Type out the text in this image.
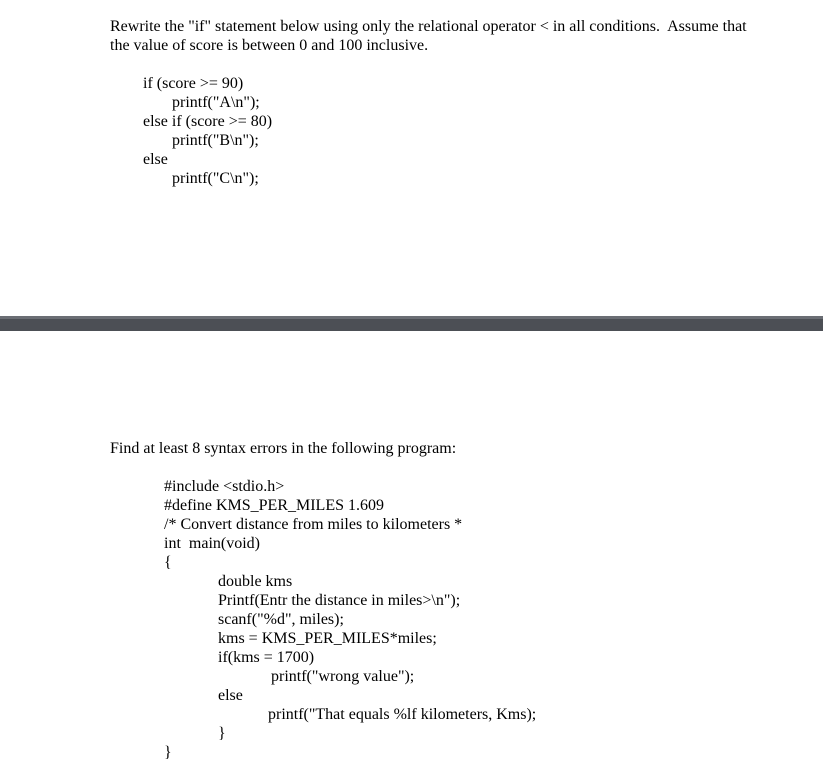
Rewrite the "if" statement below using only the relational operator < in all conditions.  Assume that
the value of score is between 0 and 100 inclusive.
if (score >= 90)
printf("A\n");
else if (score >= 80)
printf("B\n");
else
printf("C\n");
Find at least 8 syntax errors in the following program:
#include <stdio.h>
#define KMS_PER_MILES 1.609
/* Convert distance from miles to kilometers *
int  main(void)
{
double kms
Printf(Entr the distance in miles>\n");
scanf("%d", miles);
kms = KMS_PER_MILES*miles;
if(kms = 1700)
printf("wrong value");
else
printf("That equals %lf kilometers, Kms);
}
}
